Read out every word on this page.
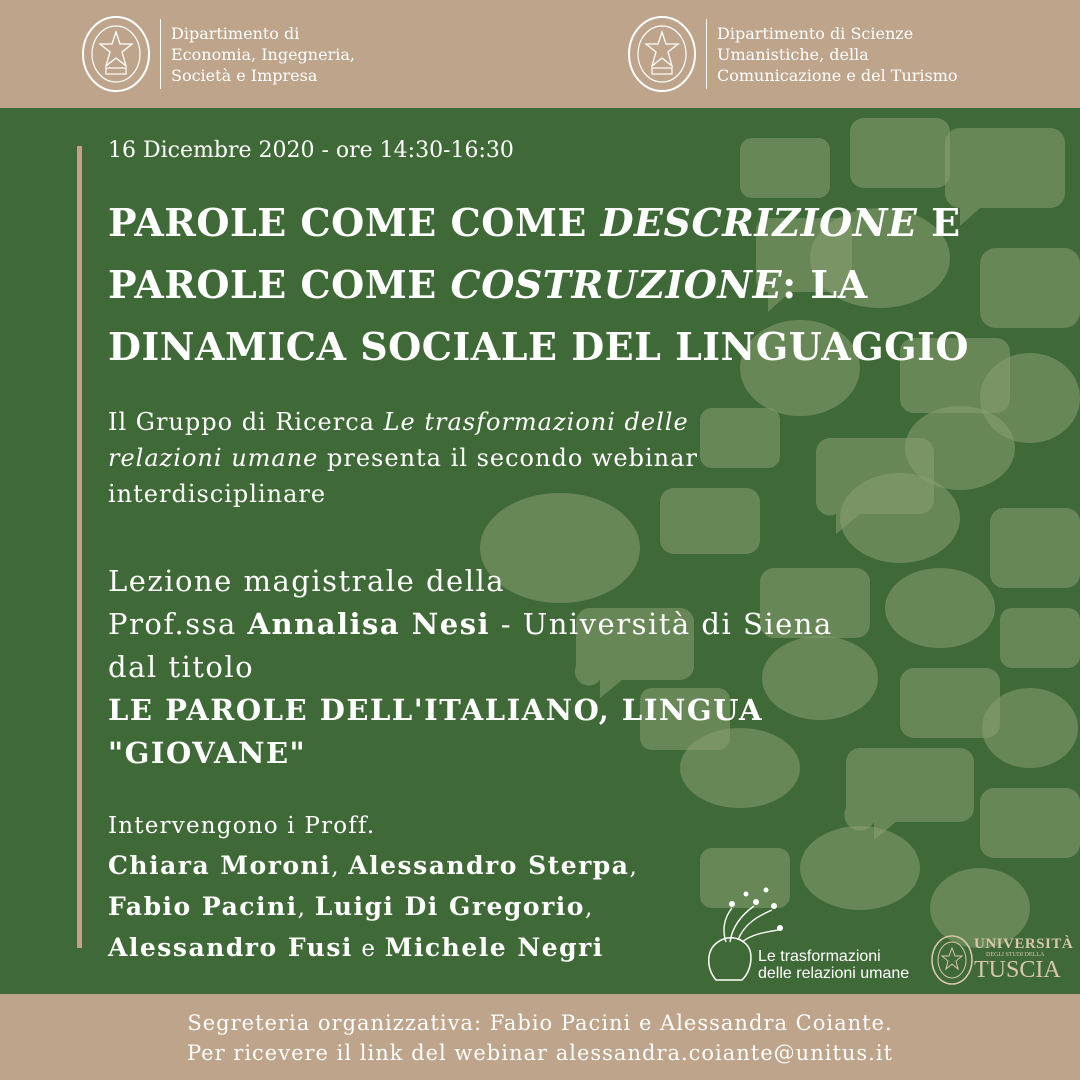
Dipartimento di
Economia, Ingegneria,
Società e Impresa
Dipartimento di Scienze
Umanistiche, della
Comunicazione e del Turismo
16 Dicembre 2020 - ore 14:30-16:30
PAROLE COME COME DESCRIZIONE E
PAROLE COME COSTRUZIONE: LA
DINAMICA SOCIALE DEL LINGUAGGIO
Il Gruppo di Ricerca Le trasformazioni delle
relazioni umane presenta il secondo webinar
interdisciplinare
Lezione magistrale della
Prof.ssa Annalisa Nesi - Università di Siena
dal titolo
LE PAROLE DELL'ITALIANO, LINGUA
"GIOVANE"
Intervengono i Proff.
Chiara Moroni, Alessandro Sterpa,
Fabio Pacini, Luigi Di Gregorio,
Alessandro Fusi e Michele Negri	Le trasformazioni
delle relazioni umane
UNIVERSITÀ
DEGLI STUDI DELLA
TUSCIA
Segreteria organizzativa: Fabio Pacini e Alessandra Coiante.
Per ricevere il link del webinar alessandra.coiante@unitus.it
